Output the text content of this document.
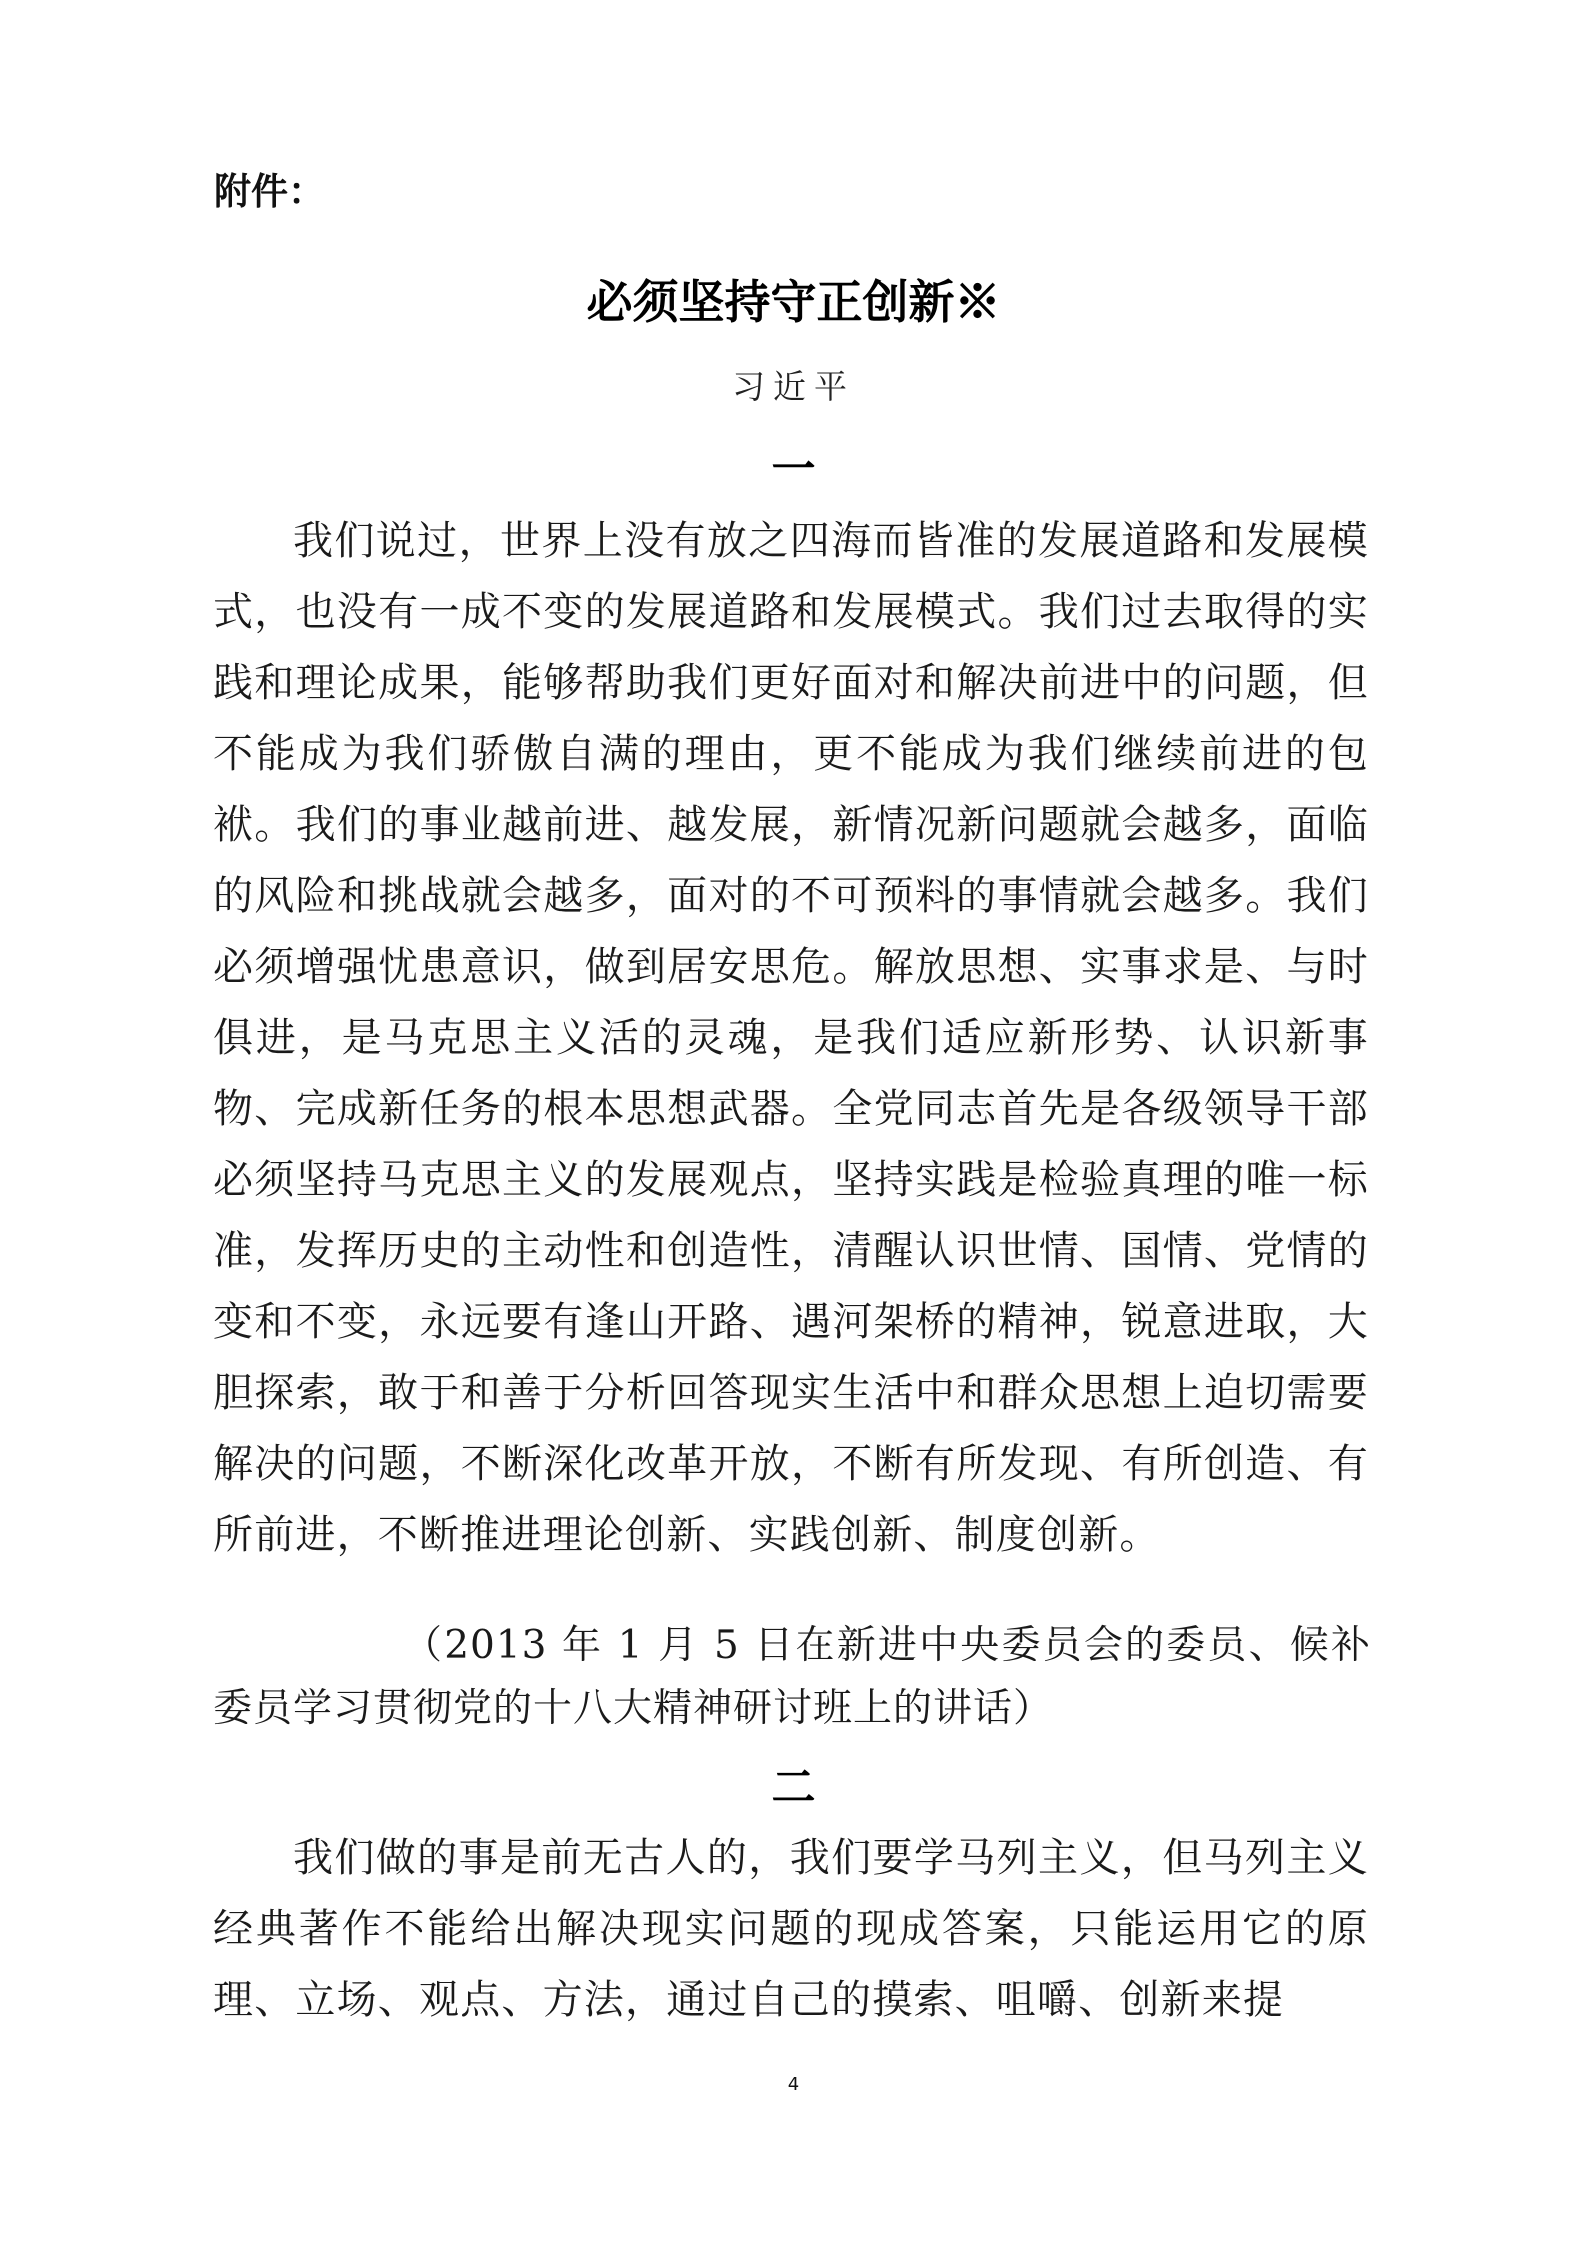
附件：
必须坚持守正创新※
习近平
一

我们说过，世界上没有放之四海而皆准的发展道路和发展模式，也没有一成不变的发展道路和发展模式。我们过去取得的实践和理论成果，能够帮助我们更好面对和解决前进中的问题，但不能成为我们骄傲自满的理由，更不能成为我们继续前进的包袱。我们的事业越前进、越发展，新情况新问题就会越多，面临的风险和挑战就会越多，面对的不可预料的事情就会越多。我们必须增强忧患意识，做到居安思危。解放思想、实事求是、与时俱进，是马克思主义活的灵魂，是我们适应新形势、认识新事物、完成新任务的根本思想武器。全党同志首先是各级领导干部必须坚持马克思主义的发展观点，坚持实践是检验真理的唯一标准，发挥历史的主动性和创造性，清醒认识世情、国情、党情的变和不变，永远要有逢山开路、遇河架桥的精神，锐意进取，大胆探索，敢于和善于分析回答现实生活中和群众思想上迫切需要解决的问题，不断深化改革开放，不断有所发现、有所创造、有所前进，不断推进理论创新、实践创新、制度创新。

（2013 年 1 月 5 日在新进中央委员会的委员、候补委员学习贯彻党的十八大精神研讨班上的讲话）

二

我们做的事是前无古人的，我们要学马列主义，但马列主义经典著作不能给出解决现实问题的现成答案，只能运用它的原理、立场、观点、方法，通过自己的摸索、咀嚼、创新来提

4
